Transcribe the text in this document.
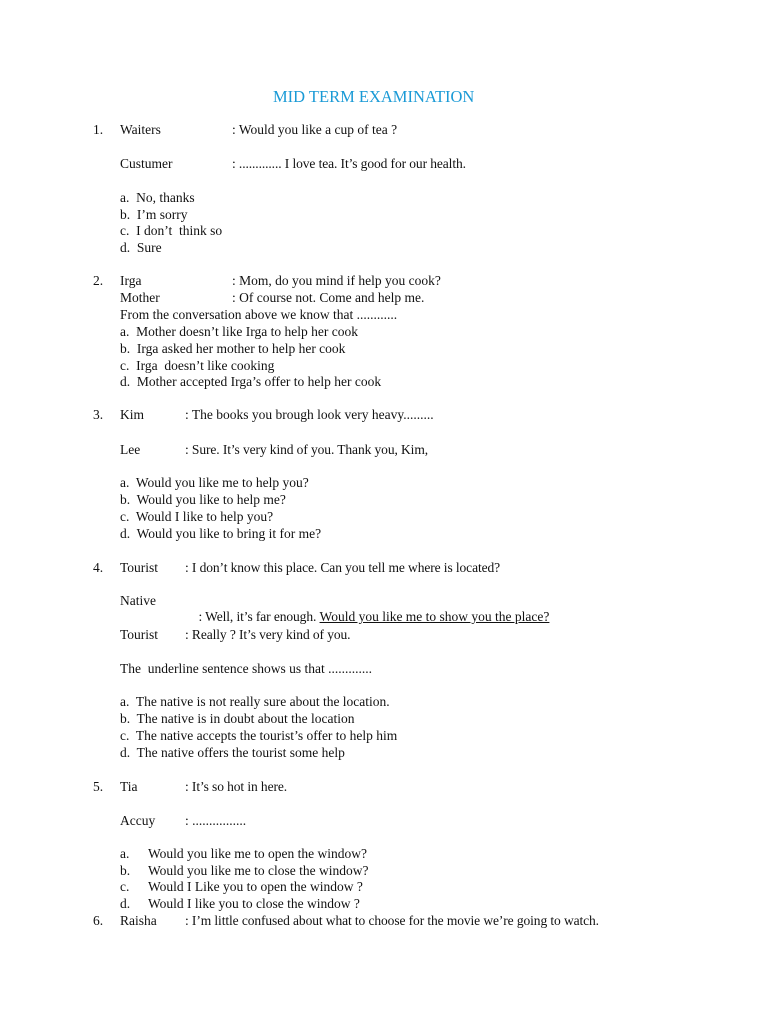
MID TERM EXAMINATION
1. Waiters	: Would you like a cup of tea ?
Custumer	: ............. I love tea. It’s good for our health.
a.  No, thanks
b.  I’m sorry
c.  I don’t  think so
d.  Sure
2. Irga	: Mom, do you mind if help you cook?
Mother	: Of course not. Come and help me.
From the conversation above we know that ............
a.  Mother doesn’t like Irga to help her cook
b.  Irga asked her mother to help her cook
c.  Irga  doesn’t like cooking
d.  Mother accepted Irga’s offer to help her cook
3. Kim	: The books you brough look very heavy.........
Lee	: Sure. It’s very kind of you. Thank you, Kim,
a.  Would you like me to help you?
b.  Would you like to help me?
c.  Would I like to help you?
d.  Would you like to bring it for me?
4. Tourist : I don’t know this place. Can you tell me where is located?
Native

: Well, it’s far enough. Would you like me to show you the place?

Tourist : Really ? It’s very kind of you.
The  underline sentence shows us that .............
a.  The native is not really sure about the location.
b.  The native is in doubt about the location
c.  The native accepts the tourist’s offer to help him
d.  The native offers the tourist some help
5. Tia	: It’s so hot in here.
Accuy : ................
a. Would you like me to open the window?
b. Would you like me to close the window?
c. Would I Like you to open the window ?
d. Would I like you to close the window ?
6. Raisha : I’m little confused about what to choose for the movie we’re going to watch.
